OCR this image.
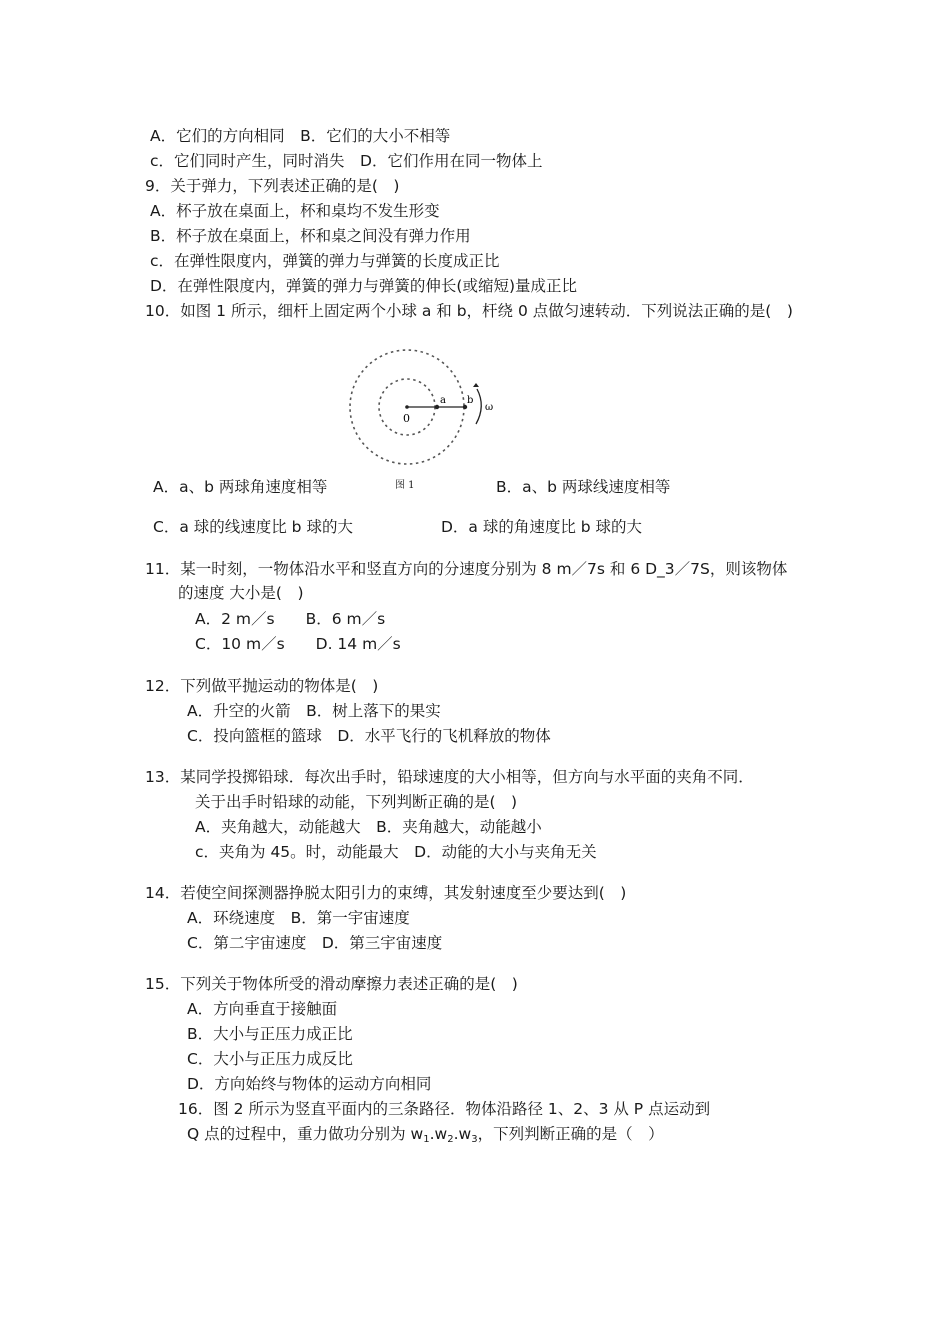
A．它们的方向相同　B．它们的大小不相等
c．它们同时产生，同时消失　D．它们作用在同一物体上
9．关于弹力，下列表述正确的是(　)
A．杯子放在桌面上，杯和桌均不发生形变
B．杯子放在桌面上，杯和桌之间没有弹力作用
c．在弹性限度内，弹簧的弹力与弹簧的长度成正比
D．在弹性限度内，弹簧的弹力与弹簧的伸长(或缩短)量成正比
10．如图 1 所示，细杆上固定两个小球 a 和 b，杆绕 0 点做匀速转动．下列说法正确的是(　)
0
a b
ω
图 1
A．a、b 两球角速度相等	B．a、b 两球线速度相等
C．a 球的线速度比 b 球的大	D．a 球的角速度比 b 球的大
11．某一时刻，一物体沿水平和竖直方向的分速度分别为 8 m／7s 和 6 D_3／7S，则该物体
的速度 大小是(　)
A．2 m／s　　B．6 m／s
C．10 m／s　　D. 14 m／s
12．下列做平抛运动的物体是(　)
A．升空的火箭　B．树上落下的果实
C．投向篮框的篮球　D．水平飞行的飞机释放的物体
13．某同学投掷铅球．每次出手时，铅球速度的大小相等，但方向与水平面的夹角不同．
关于出手时铅球的动能，下列判断正确的是(　)
A．夹角越大，动能越大　B．夹角越大，动能越小
c．夹角为 45。时，动能最大　D．动能的大小与夹角无关
14．若使空间探测器挣脱太阳引力的束缚，其发射速度至少要达到(　)
A．环绕速度　B．第一宇宙速度
C．第二宇宙速度　D．第三宇宙速度
15．下列关于物体所受的滑动摩擦力表述正确的是(　)
A．方向垂直于接触面
B．大小与正压力成正比
C．大小与正压力成反比
D．方向始终与物体的运动方向相同
16．图 2 所示为竖直平面内的三条路径．物体沿路径 1、2、3 从 P 点运动到
Q 点的过程中，重力做功分别为 $w_1.w_2.w_3$，下列判断正确的是（　）
